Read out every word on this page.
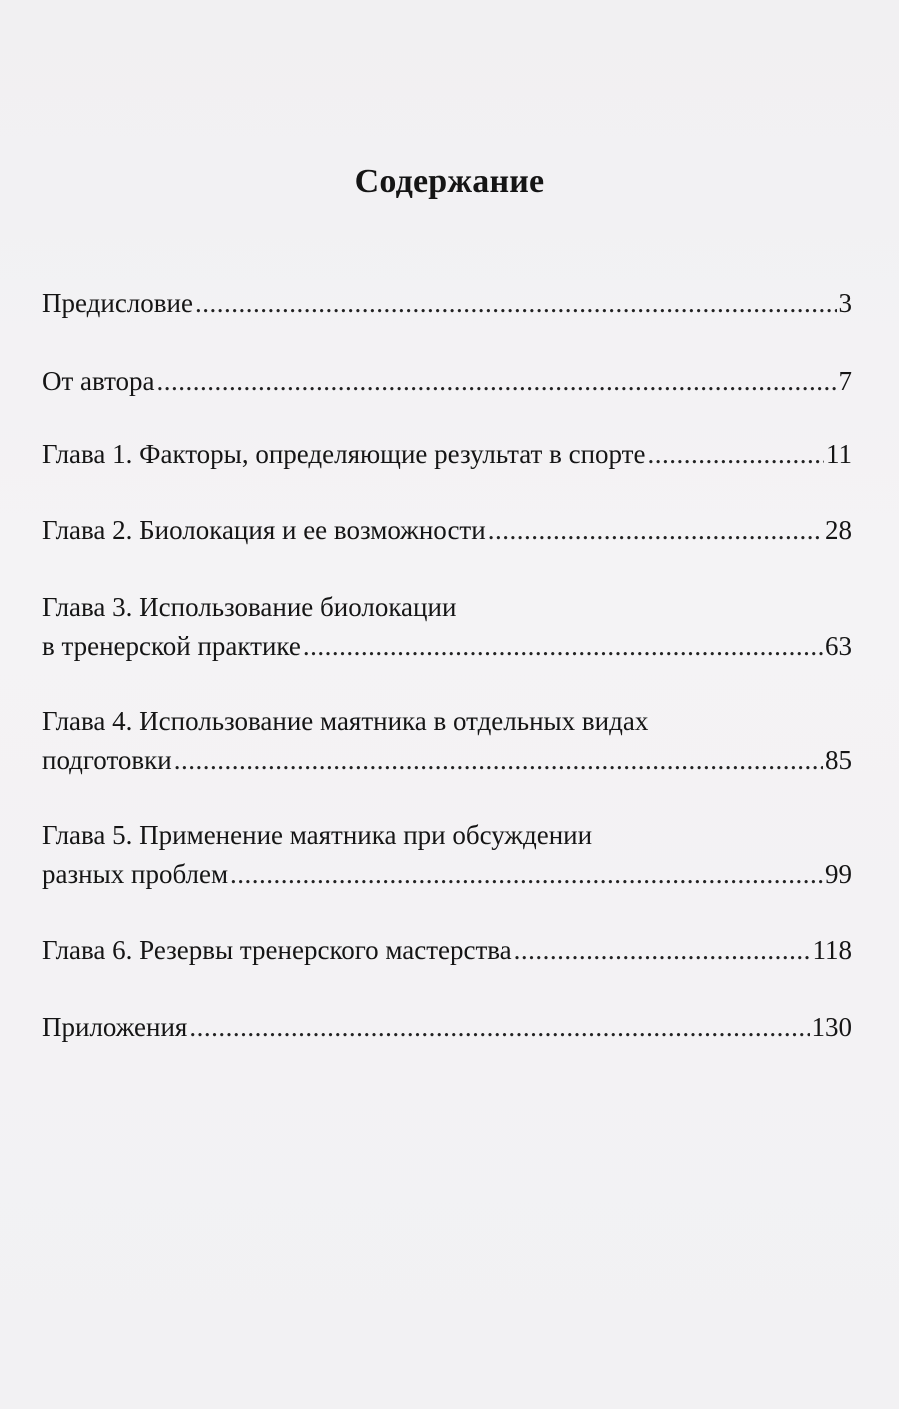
Содержание
Предисловие .....	3
От автора .....	7
Глава 1. Факторы, определяющие результат в спорте .....	11
Глава 2. Биолокация и ее возможности .....	28
Глава 3. Использование биолокации
в тренерской практике .....	63
Глава 4. Использование маятника в отдельных видах
подготовки .....	85
Глава 5. Применение маятника при обсуждении
разных проблем .....	99
Глава 6. Резервы тренерского мастерства .....	118
Приложения .....	130
